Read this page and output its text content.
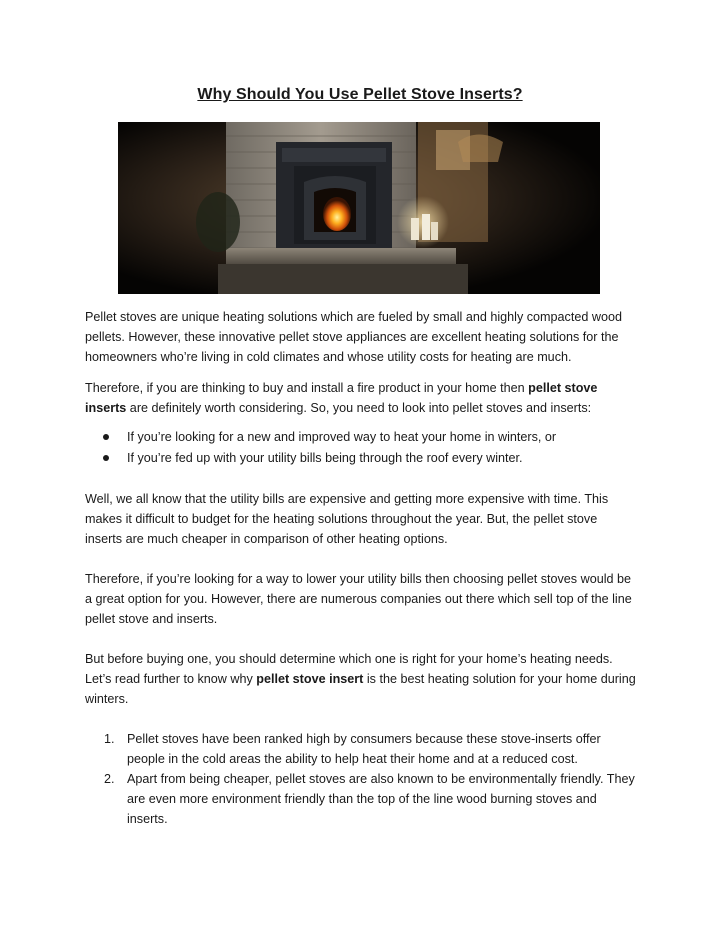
Why Should You Use Pellet Stove Inserts?

Pellet stoves are unique heating solutions which are fueled by small and highly compacted wood pellets. However, these innovative pellet stove appliances are excellent heating solutions for the homeowners who’re living in cold climates and whose utility costs for heating are much.

Therefore, if you are thinking to buy and install a fire product in your home then pellet stove inserts are definitely worth considering. So, you need to look into pellet stoves and inserts:

If you’re looking for a new and improved way to heat your home in winters, or
If you’re fed up with your utility bills being through the roof every winter.

Well, we all know that the utility bills are expensive and getting more expensive with time. This makes it difficult to budget for the heating solutions throughout the year. But, the pellet stove inserts are much cheaper in comparison of other heating options.

Therefore, if you’re looking for a way to lower your utility bills then choosing pellet stoves would be a great option for you. However, there are numerous companies out there which sell top of the line pellet stove and inserts.

But before buying one, you should determine which one is right for your home’s heating needs. Let’s read further to know why pellet stove insert is the best heating solution for your home during winters.

1. Pellet stoves have been ranked high by consumers because these stove-inserts offer people in the cold areas the ability to help heat their home and at a reduced cost.
2. Apart from being cheaper, pellet stoves are also known to be environmentally friendly. They are even more environment friendly than the top of the line wood burning stoves and inserts.
